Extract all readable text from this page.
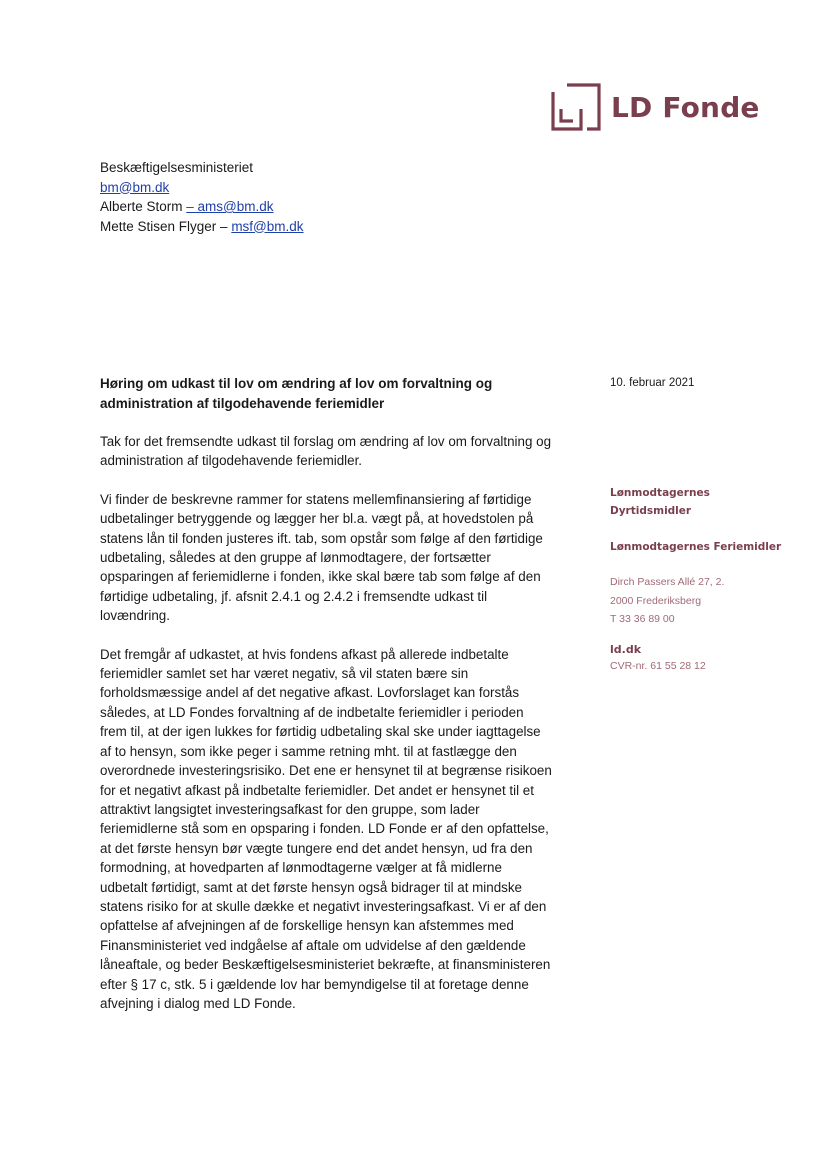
LD Fonde
Beskæftigelsesministeriet
bm@bm.dk
Alberte Storm – ams@bm.dk
Mette Stisen Flyger – msf@bm.dk
Høring om udkast til lov om ændring af lov om forvaltning og administration af tilgodehavende feriemidler
10. februar 2021

Tak for det fremsendte udkast til forslag om ændring af lov om forvaltning og administration af tilgodehavende feriemidler.

Vi finder de beskrevne rammer for statens mellemfinansiering af førtidige udbetalinger betryggende og lægger her bl.a. vægt på, at hovedstolen på statens lån til fonden justeres ift. tab, som opstår som følge af den førtidige udbetaling, således at den gruppe af lønmodtagere, der fortsætter opsparingen af feriemidlerne i fonden, ikke skal bære tab som følge af den førtidige udbetaling, jf. afsnit 2.4.1 og 2.4.2 i fremsendte udkast til lovændring.

Det fremgår af udkastet, at hvis fondens afkast på allerede indbetalte feriemidler samlet set har været negativ, så vil staten bære sin forholdsmæssige andel af det negative afkast. Lovforslaget kan forstås således, at LD Fondes forvaltning af de indbetalte feriemidler i perioden frem til, at der igen lukkes for førtidig udbetaling skal ske under iagttagelse af to hensyn, som ikke peger i samme retning mht. til at fastlægge den overordnede investeringsrisiko. Det ene er hensynet til at begrænse risikoen for et negativt afkast på indbetalte feriemidler. Det andet er hensynet til et attraktivt langsigtet investeringsafkast for den gruppe, som lader feriemidlerne stå som en opsparing i fonden. LD Fonde er af den opfattelse, at det første hensyn bør vægte tungere end det andet hensyn, ud fra den formodning, at hovedparten af lønmodtagerne vælger at få midlerne udbetalt førtidigt, samt at det første hensyn også bidrager til at mindske statens risiko for at skulle dække et negativt investeringsafkast. Vi er af den opfattelse af afvejningen af de forskellige hensyn kan afstemmes med Finansministeriet ved indgåelse af aftale om udvidelse af den gældende låneaftale, og beder Beskæftigelsesministeriet bekræfte, at finansministeren efter § 17 c, stk. 5 i gældende lov har bemyndigelse til at foretage denne afvejning i dialog med LD Fonde.

Lønmodtagernes Dyrtidsmidler
Lønmodtagernes Feriemidler
Dirch Passers Allé 27, 2.
2000 Frederiksberg
T 33 36 89 00
ld.dk
CVR-nr. 61 55 28 12
